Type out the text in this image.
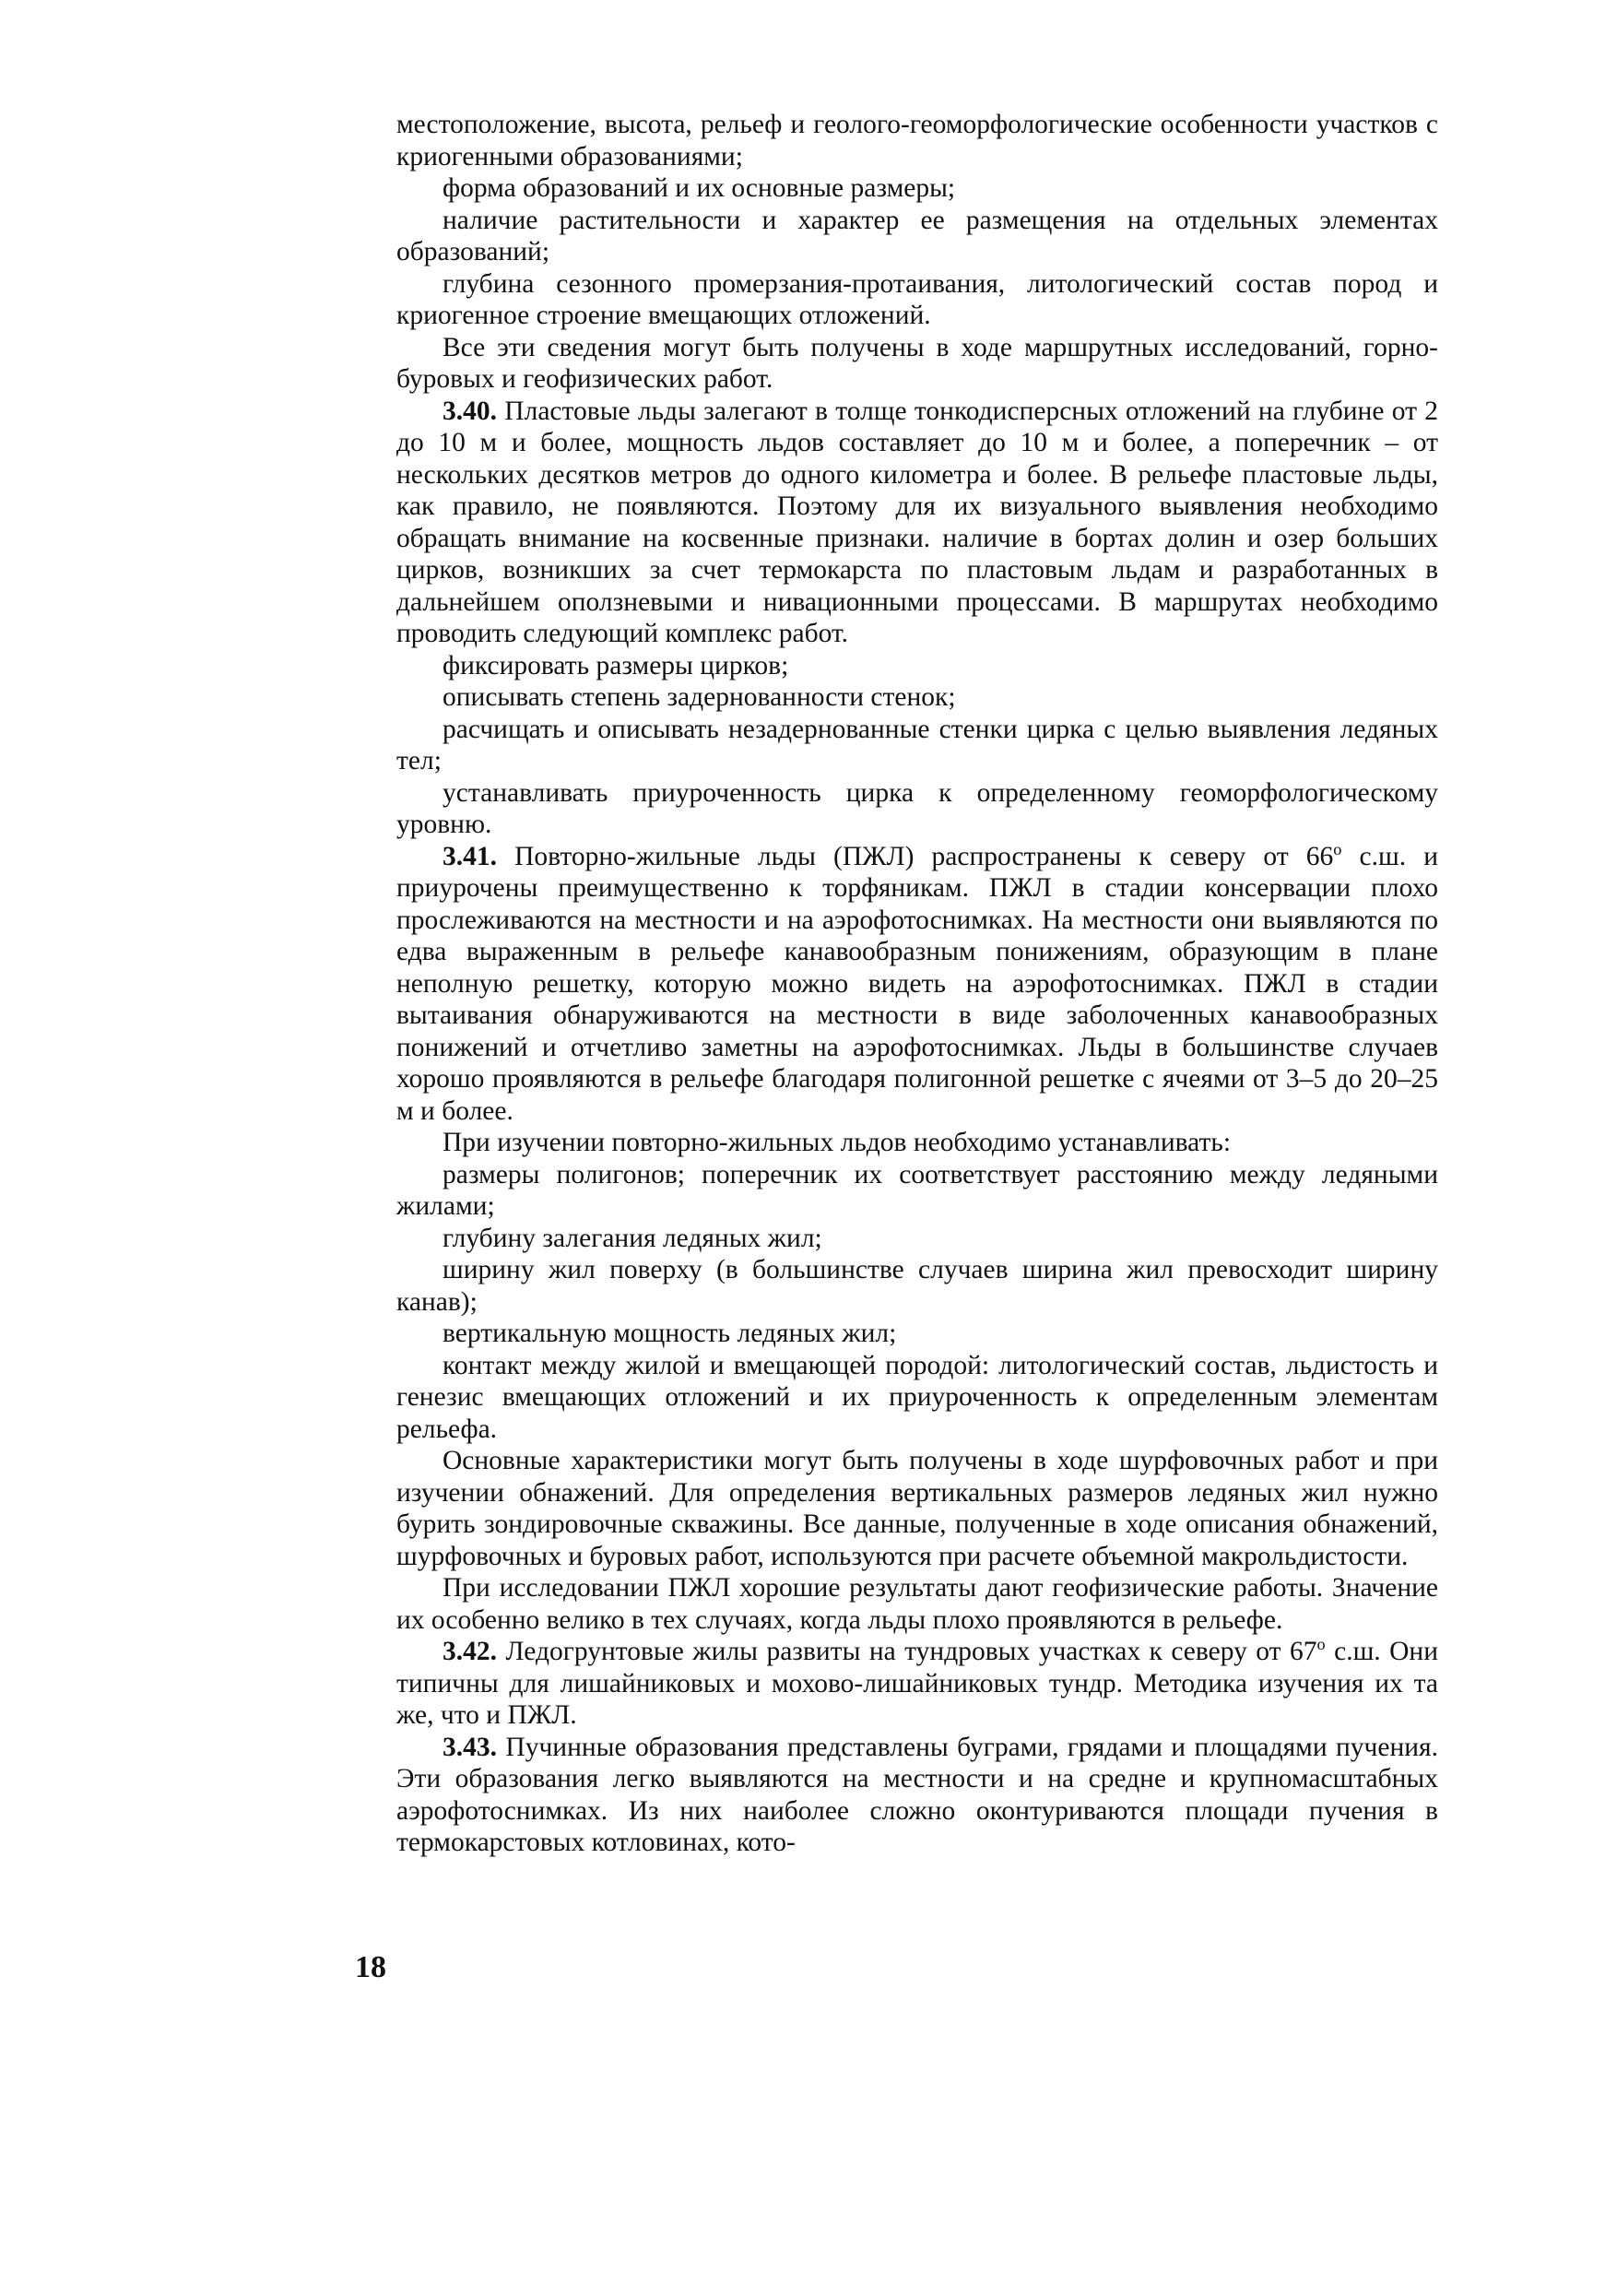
местоположение, высота, рельеф и геолого-геоморфологические особенности участков с криогенными образованиями;

форма образований и их основные размеры;

наличие растительности и характер ее размещения на отдельных элементах образований;

глубина сезонного промерзания-протаивания, литологический состав пород и криогенное строение вмещающих отложений.

Все эти сведения могут быть получены в ходе маршрутных исследований, горно-буровых и геофизических работ.

3.40. Пластовые льды залегают в толще тонкодисперсных отложений на глубине от 2 до 10 м и более, мощность льдов составляет до 10 м и более, а поперечник – от нескольких десятков метров до одного километра и более. В рельефе пластовые льды, как правило, не появляются. Поэтому для их визуального выявления необходимо обращать внимание на косвенные признаки. наличие в бортах долин и озер больших цирков, возникших за счет термокарста по пластовым льдам и разработанных в дальнейшем оползневыми и нивационными процессами. В маршрутах необходимо проводить следующий комплекс работ.

фиксировать размеры цирков;

описывать степень задернованности стенок;

расчищать и описывать незадернованные стенки цирка с целью выявления ледяных тел;

устанавливать приуроченность цирка к определенному геоморфологическому уровню.

3.41. Повторно-жильные льды (ПЖЛ) распространены к северу от $66^о$ с.ш. и приурочены преимущественно к торфяникам. ПЖЛ в стадии консервации плохо прослеживаются на местности и на аэрофотоснимках. На местности они выявляются по едва выраженным в рельефе канавообразным понижениям, образующим в плане неполную решетку, которую можно видеть на аэрофотоснимках. ПЖЛ в стадии вытаивания обнаруживаются на местности в виде заболоченных канавообразных понижений и отчетливо заметны на аэрофотоснимках. Льды в большинстве случаев хорошо проявляются в рельефе благодаря полигонной решетке с ячеями от 3–5 до 20–25 м и более.

При изучении повторно-жильных льдов необходимо устанавливать:

размеры полигонов; поперечник их соответствует расстоянию между ледяными жилами;

глубину залегания ледяных жил;

ширину жил поверху (в большинстве случаев ширина жил превосходит ширину канав);

вертикальную мощность ледяных жил;

контакт между жилой и вмещающей породой: литологический состав, льдистость и генезис вмещающих отложений и их приуроченность к определенным элементам рельефа.

Основные характеристики могут быть получены в ходе шурфовочных работ и при изучении обнажений. Для определения вертикальных размеров ледяных жил нужно бурить зондировочные скважины. Все данные, полученные в ходе описания обнажений, шурфовочных и буровых работ, используются при расчете объемной макрольдистости.

При исследовании ПЖЛ хорошие результаты дают геофизические работы. Значение их особенно велико в тех случаях, когда льды плохо проявляются в рельефе.

3.42. Ледогрунтовые жилы развиты на тундровых участках к северу от $67^о$ с.ш. Они типичны для лишайниковых и мохово-лишайниковых тундр. Методика изучения их та же, что и ПЖЛ.

3.43. Пучинные образования представлены буграми, грядами и площадями пучения. Эти образования легко выявляются на местности и на средне и крупномасштабных аэрофотоснимках. Из них наиболее сложно оконтуриваются площади пучения в термокарстовых котловинах, кото-

18
